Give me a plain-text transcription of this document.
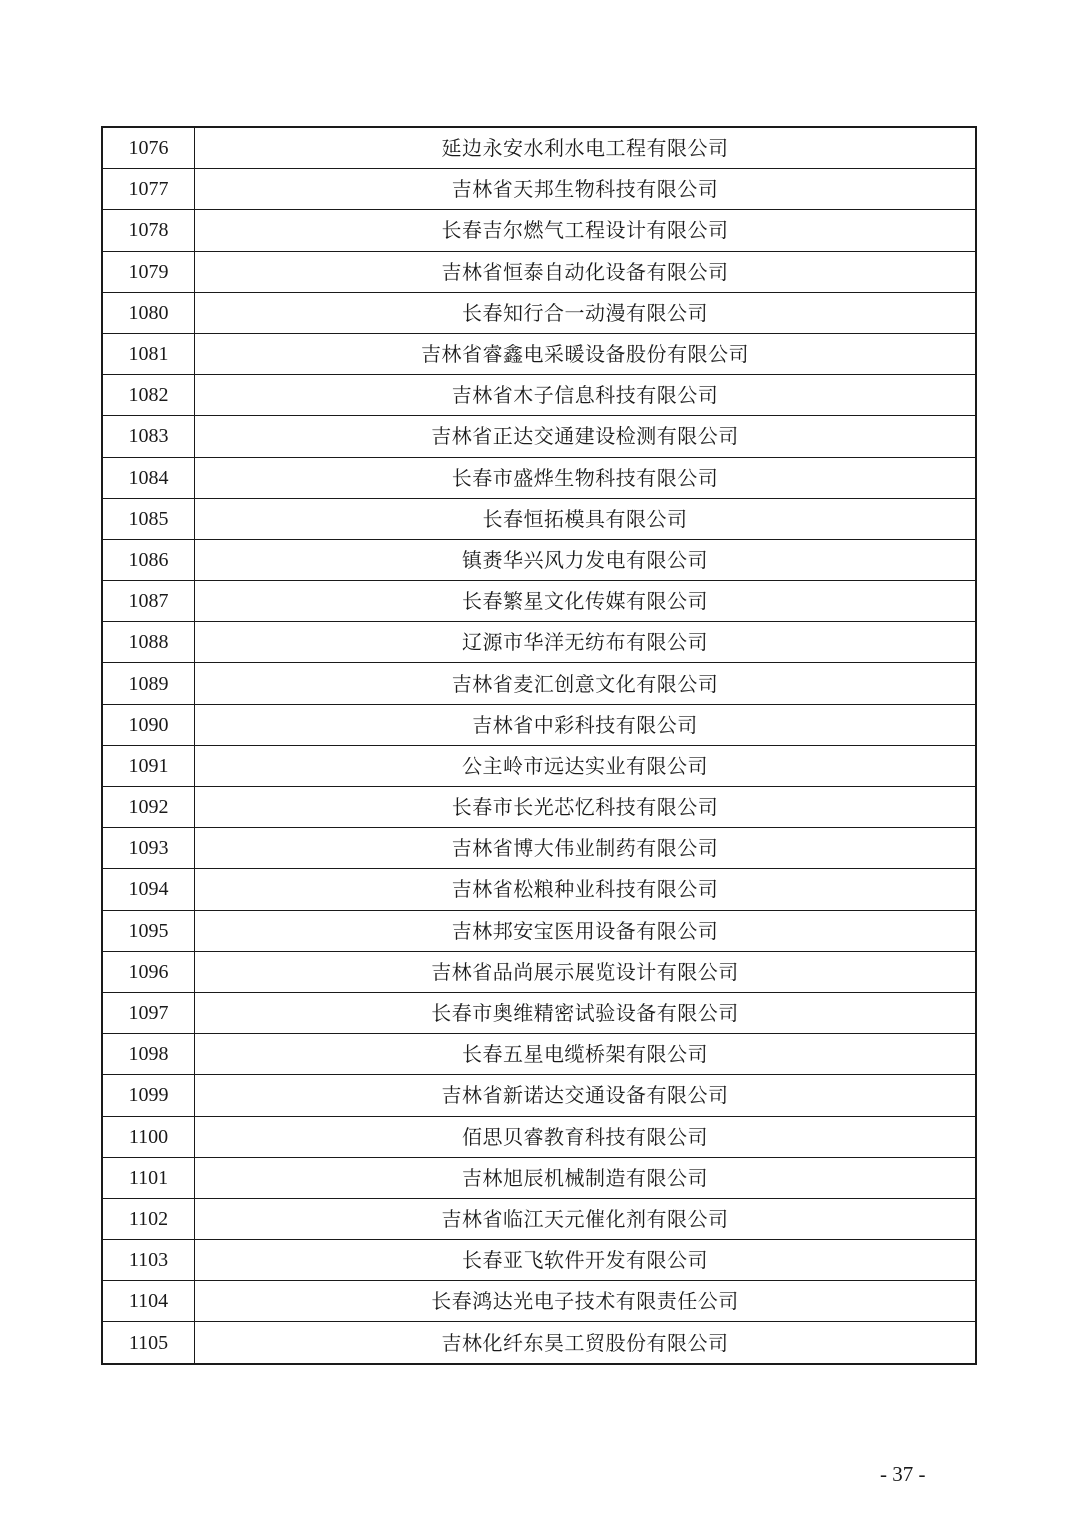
1076	延边永安水利水电工程有限公司
1077	吉林省天邦生物科技有限公司
1078	长春吉尔燃气工程设计有限公司
1079	吉林省恒泰自动化设备有限公司
1080	长春知行合一动漫有限公司
1081	吉林省睿鑫电采暖设备股份有限公司
1082	吉林省木子信息科技有限公司
1083	吉林省正达交通建设检测有限公司
1084	长春市盛烨生物科技有限公司
1085	长春恒拓模具有限公司
1086	镇赉华兴风力发电有限公司
1087	长春繁星文化传媒有限公司
1088	辽源市华洋无纺布有限公司
1089	吉林省麦汇创意文化有限公司
1090	吉林省中彩科技有限公司
1091	公主岭市远达实业有限公司
1092	长春市长光芯忆科技有限公司
1093	吉林省博大伟业制药有限公司
1094	吉林省松粮种业科技有限公司
1095	吉林邦安宝医用设备有限公司
1096	吉林省品尚展示展览设计有限公司
1097	长春市奥维精密试验设备有限公司
1098	长春五星电缆桥架有限公司
1099	吉林省新诺达交通设备有限公司
1100	佰思贝睿教育科技有限公司
1101	吉林旭辰机械制造有限公司
1102	吉林省临江天元催化剂有限公司
1103	长春亚飞软件开发有限公司
1104	长春鸿达光电子技术有限责任公司
1105	吉林化纤东昊工贸股份有限公司
- 37 -
